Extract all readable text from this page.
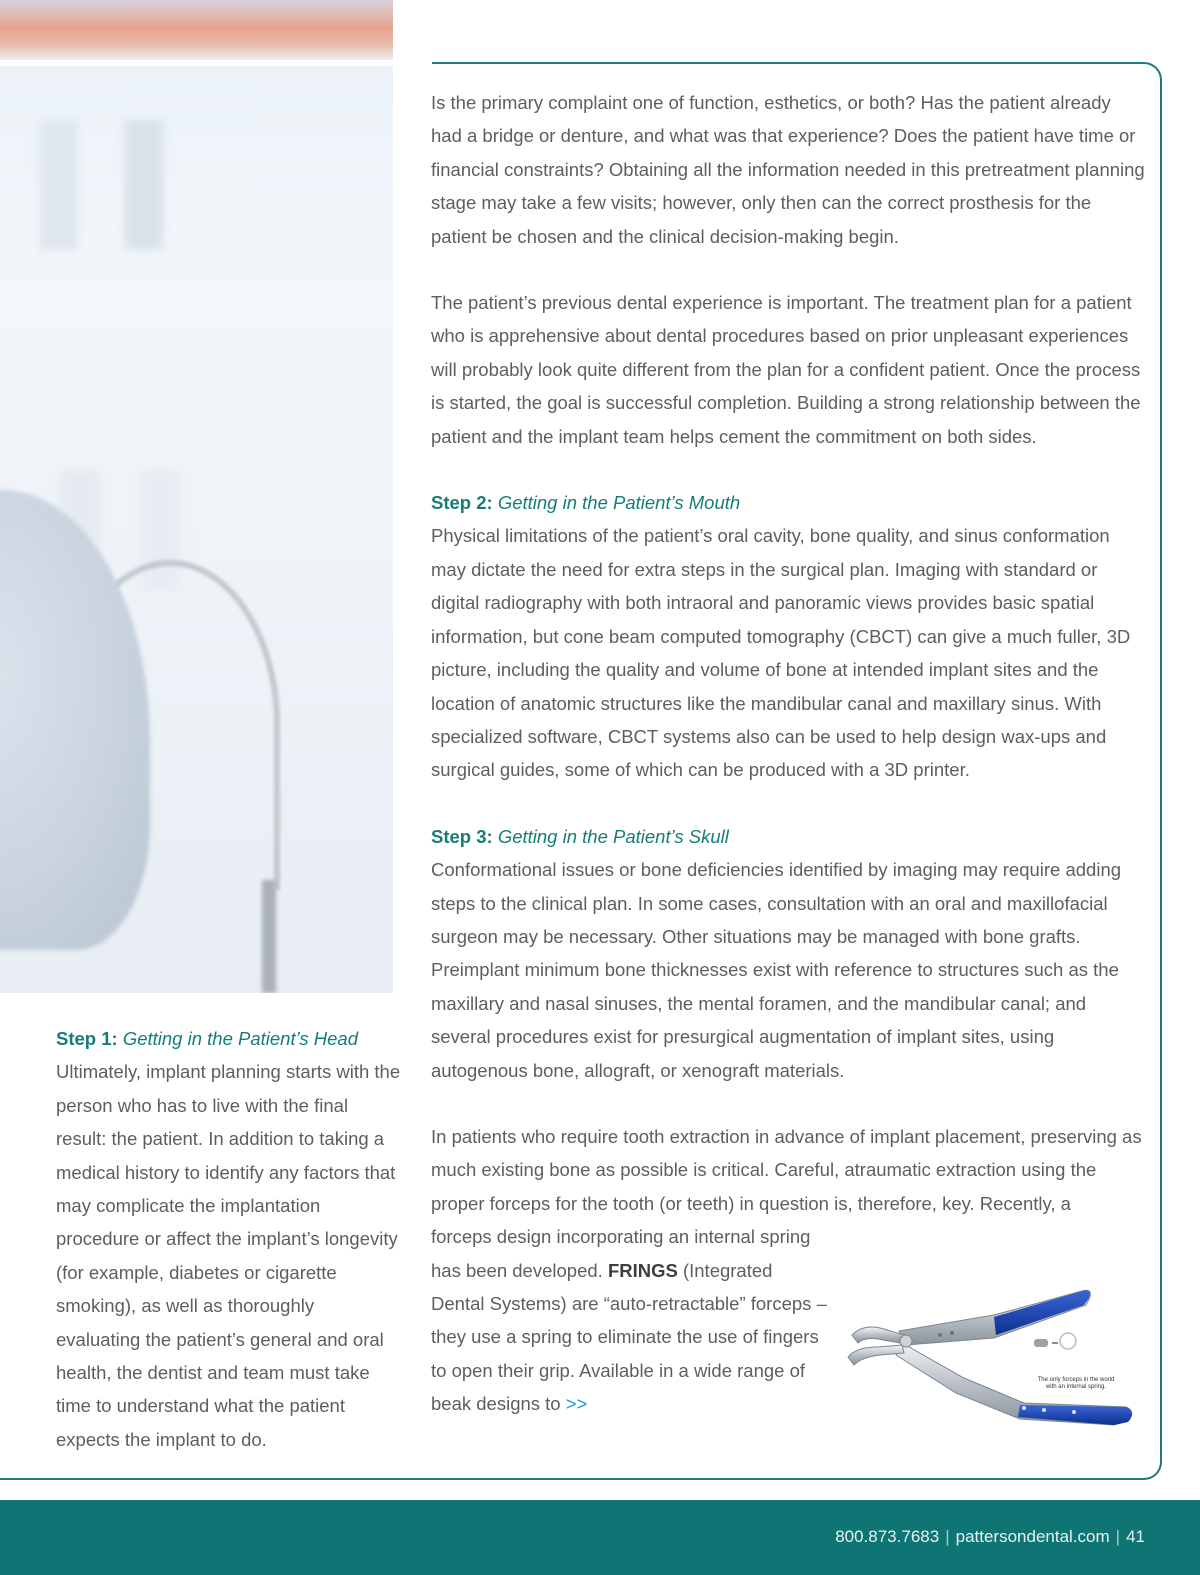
Is the primary complaint one of function, esthetics, or both? Has the patient already had a bridge or denture, and what was that experience? Does the patient have time or financial constraints? Obtaining all the information needed in this pretreatment planning stage may take a few visits; however, only then can the correct prosthesis for the patient be chosen and the clinical decision-making begin.

The patient’s previous dental experience is important. The treatment plan for a patient who is apprehensive about dental procedures based on prior unpleasant experiences will probably look quite different from the plan for a confident patient. Once the process is started, the goal is successful completion. Building a strong relationship between the patient and the implant team helps cement the commitment on both sides.

Step 2: Getting in the Patient’s Mouth

Physical limitations of the patient’s oral cavity, bone quality, and sinus conformation may dictate the need for extra steps in the surgical plan. Imaging with standard or digital radiography with both intraoral and panoramic views provides basic spatial information, but cone beam computed tomography (CBCT) can give a much fuller, 3D picture, including the quality and volume of bone at intended implant sites and the location of anatomic structures like the mandibular canal and maxillary sinus. With specialized software, CBCT systems also can be used to help design wax-ups and surgical guides, some of which can be produced with a 3D printer.

Step 3: Getting in the Patient’s Skull

Conformational issues or bone deficiencies identified by imaging may require adding steps to the clinical plan. In some cases, consultation with an oral and maxillofacial surgeon may be necessary. Other situations may be managed with bone grafts. Preimplant minimum bone thicknesses exist with reference to structures such as the maxillary and nasal sinuses, the mental foramen, and the mandibular canal; and several procedures exist for presurgical augmentation of implant sites, using autogenous bone, allograft, or xenograft materials.

In patients who require tooth extraction in advance of implant placement, preserving as much existing bone as possible is critical. Careful, atraumatic extraction using the proper forceps for the tooth (or teeth) in question is, therefore, key. Recently, a

forceps design incorporating an internal spring has been developed. FRINGS (Integrated Dental Systems) are “auto-retractable” forceps – they use a spring to eliminate the use of fingers to open their grip. Available in a wide range of beak designs to >>

Step 1: Getting in the Patient’s Head

Ultimately, implant planning starts with the person who has to live with the final result: the patient. In addition to taking a medical history to identify any factors that may complicate the implantation procedure or affect the implant’s longevity (for example, diabetes or cigarette smoking), as well as thoroughly evaluating the patient’s general and oral health, the dentist and team must take time to understand what the patient expects the implant to do.

The only forceps in the world
with an internal spring.
800.873.7683 | pattersondental.com | 41
